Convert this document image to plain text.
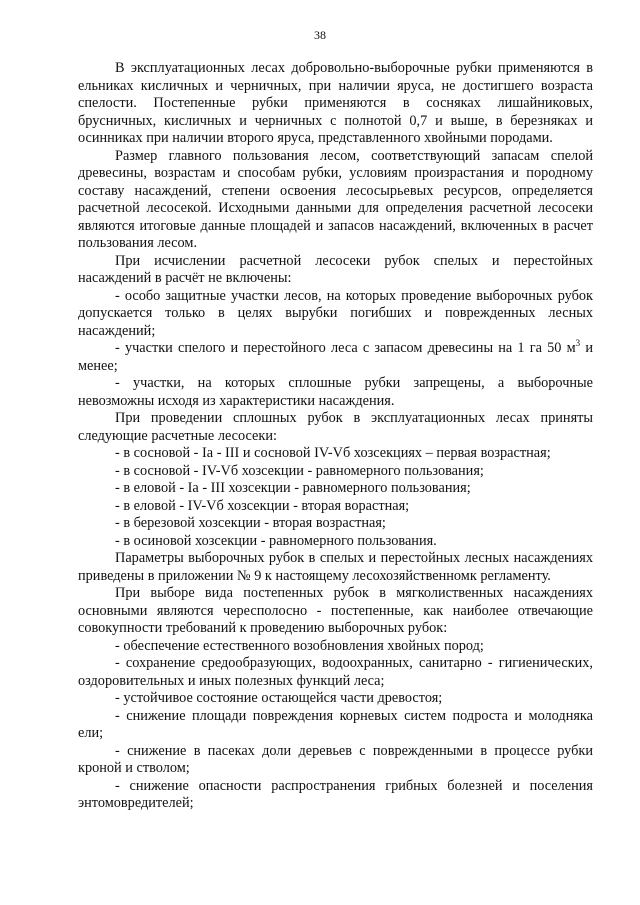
38

В эксплуатационных лесах добровольно-выборочные рубки применяются в ельниках кисличных и черничных, при наличии яруса, не достигшего возраста спелости. Постепенные рубки применяются в сосняках лишайниковых, брусничных, кисличных и черничных с полнотой 0,7 и выше, в березняках и осинниках при наличии второго яруса, представленного хвойными породами.

Размер главного пользования лесом, соответствующий запасам спелой древесины, возрастам и способам рубки, условиям произрастания и породному составу насаждений, степени освоения лесосырьевых ресурсов, определяется расчетной лесосекой. Исходными данными для определения расчетной лесосеки являются итоговые данные площадей и запасов насаждений, включенных в расчет пользования лесом.

При исчислении расчетной лесосеки рубок спелых и перестойных насаждений в расчёт не включены:

- особо защитные участки лесов, на которых проведение выборочных рубок допускается только в целях вырубки погибших и поврежденных лесных насаждений;

- участки спелого и перестойного леса с запасом древесины на 1 га 50 $м^3$ и менее;

- участки, на которых сплошные рубки запрещены, а выборочные невозможны исходя из характеристики насаждения.

При проведении сплошных рубок в эксплуатационных лесах приняты следующие расчетные лесосеки:

- в сосновой - Iа - III и сосновой IV-Vб хозсекциях – первая возрастная;

- в сосновой - IV-Vб хозсекции - равномерного пользования;

- в еловой - Iа - III хозсекции - равномерного пользования;

- в еловой - IV-Vб хозсекции - вторая ворастная;

- в березовой хозсекции - вторая возрастная;

- в осиновой хозсекции - равномерного пользования.

Параметры выборочных рубок в спелых и перестойных лесных насаждениях приведены в приложении № 9 к настоящему лесохозяйственномк регламенту.

При выборе вида постепенных рубок в мягколиственных насаждениях основными являются чересполосно - постепенные, как наиболее отвечающие совокупности требований к проведению выборочных рубок:

- обеспечение естественного возобновления хвойных пород;

- сохранение средообразующих, водоохранных, санитарно - гигиенических, оздоровительных и иных полезных функций леса;

- устойчивое состояние остающейся части древостоя;

- снижение площади повреждения корневых систем подроста и молодняка ели;

- снижение в пасеках доли деревьев с поврежденными в процессе рубки кроной и стволом;

- снижение опасности распространения грибных болезней и поселения энтомовредителей;
